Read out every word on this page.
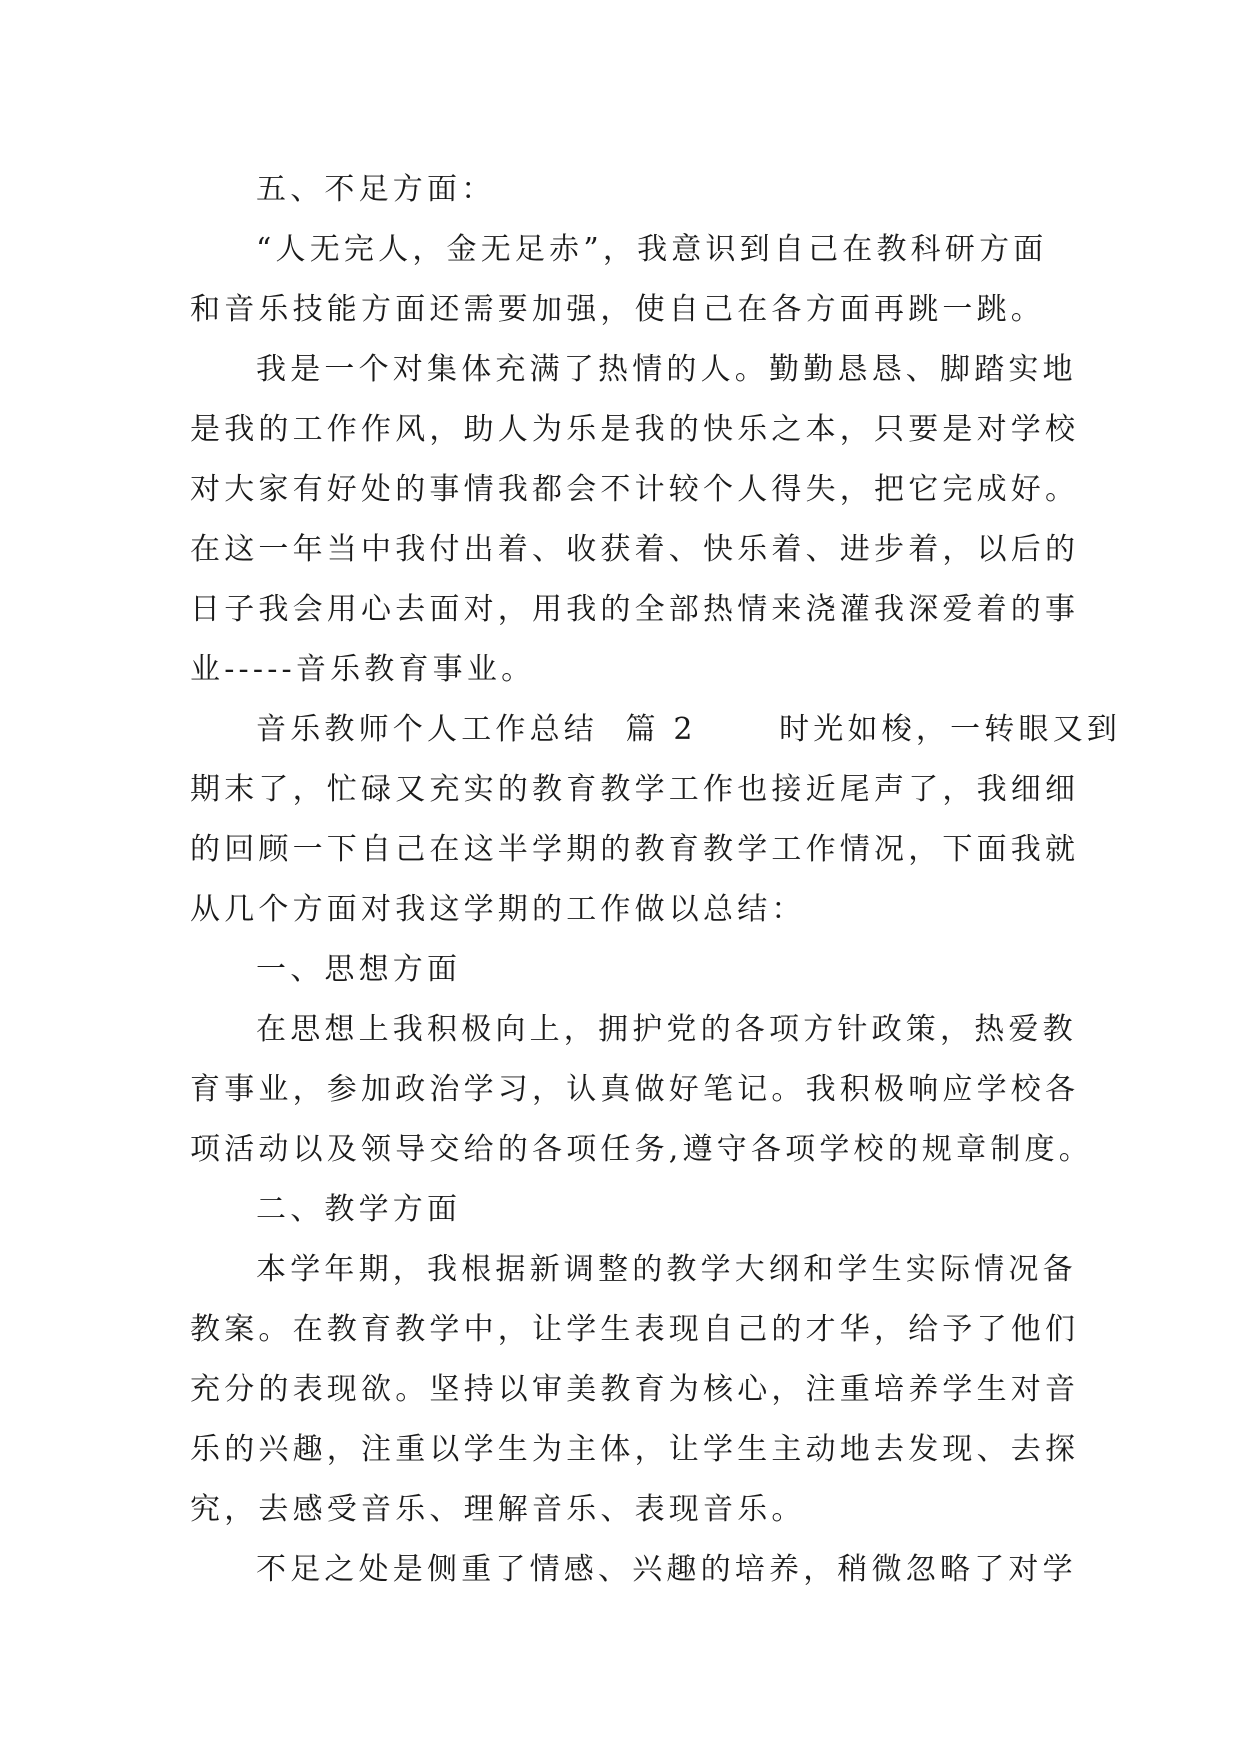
五、不足方面：
“人无完人，金无足赤”，我意识到自己在教科研方面
和音乐技能方面还需要加强，使自己在各方面再跳一跳。
我是一个对集体充满了热情的人。勤勤恳恳、脚踏实地
是我的工作作风，助人为乐是我的快乐之本，只要是对学校
对大家有好处的事情我都会不计较个人得失，把它完成好。
在这一年当中我付出着、收获着、快乐着、进步着，以后的
日子我会用心去面对，用我的全部热情来浇灌我深爱着的事
业-----音乐教育事业。
音乐教师个人工作总结  篇 2      时光如梭，一转眼又到
期末了，忙碌又充实的教育教学工作也接近尾声了，我细细
的回顾一下自己在这半学期的教育教学工作情况，下面我就
从几个方面对我这学期的工作做以总结：
一、思想方面
在思想上我积极向上，拥护党的各项方针政策，热爱教
育事业，参加政治学习，认真做好笔记。我积极响应学校各
项活动以及领导交给的各项任务,遵守各项学校的规章制度。
二、教学方面
本学年期，我根据新调整的教学大纲和学生实际情况备
教案。在教育教学中，让学生表现自己的才华，给予了他们
充分的表现欲。坚持以审美教育为核心，注重培养学生对音
乐的兴趣，注重以学生为主体，让学生主动地去发现、去探
究，去感受音乐、理解音乐、表现音乐。
不足之处是侧重了情感、兴趣的培养，稍微忽略了对学
